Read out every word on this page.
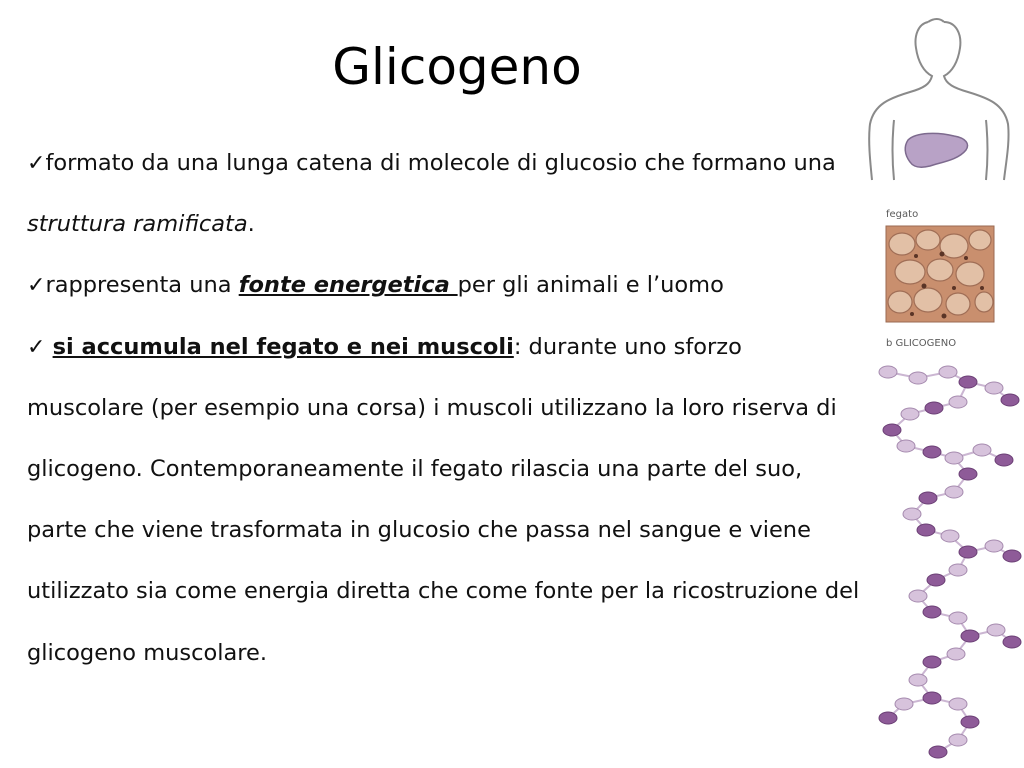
Glicogeno

✓formato da una lunga catena di molecole di glucosio che formano una struttura ramificata.

✓rappresenta una fonte energetica per gli animali e l’uomo

✓ si accumula nel fegato e nei muscoli: durante uno sforzo muscolare (per esempio una corsa) i muscoli utilizzano la loro riserva di glicogeno. Contemporaneamente il fegato rilascia una parte del suo, parte che viene trasformata in glucosio che passa nel sangue e viene utilizzato sia come energia diretta che come fonte per la ricostruzione del glicogeno muscolare.

fegato
b GLICOGENO
